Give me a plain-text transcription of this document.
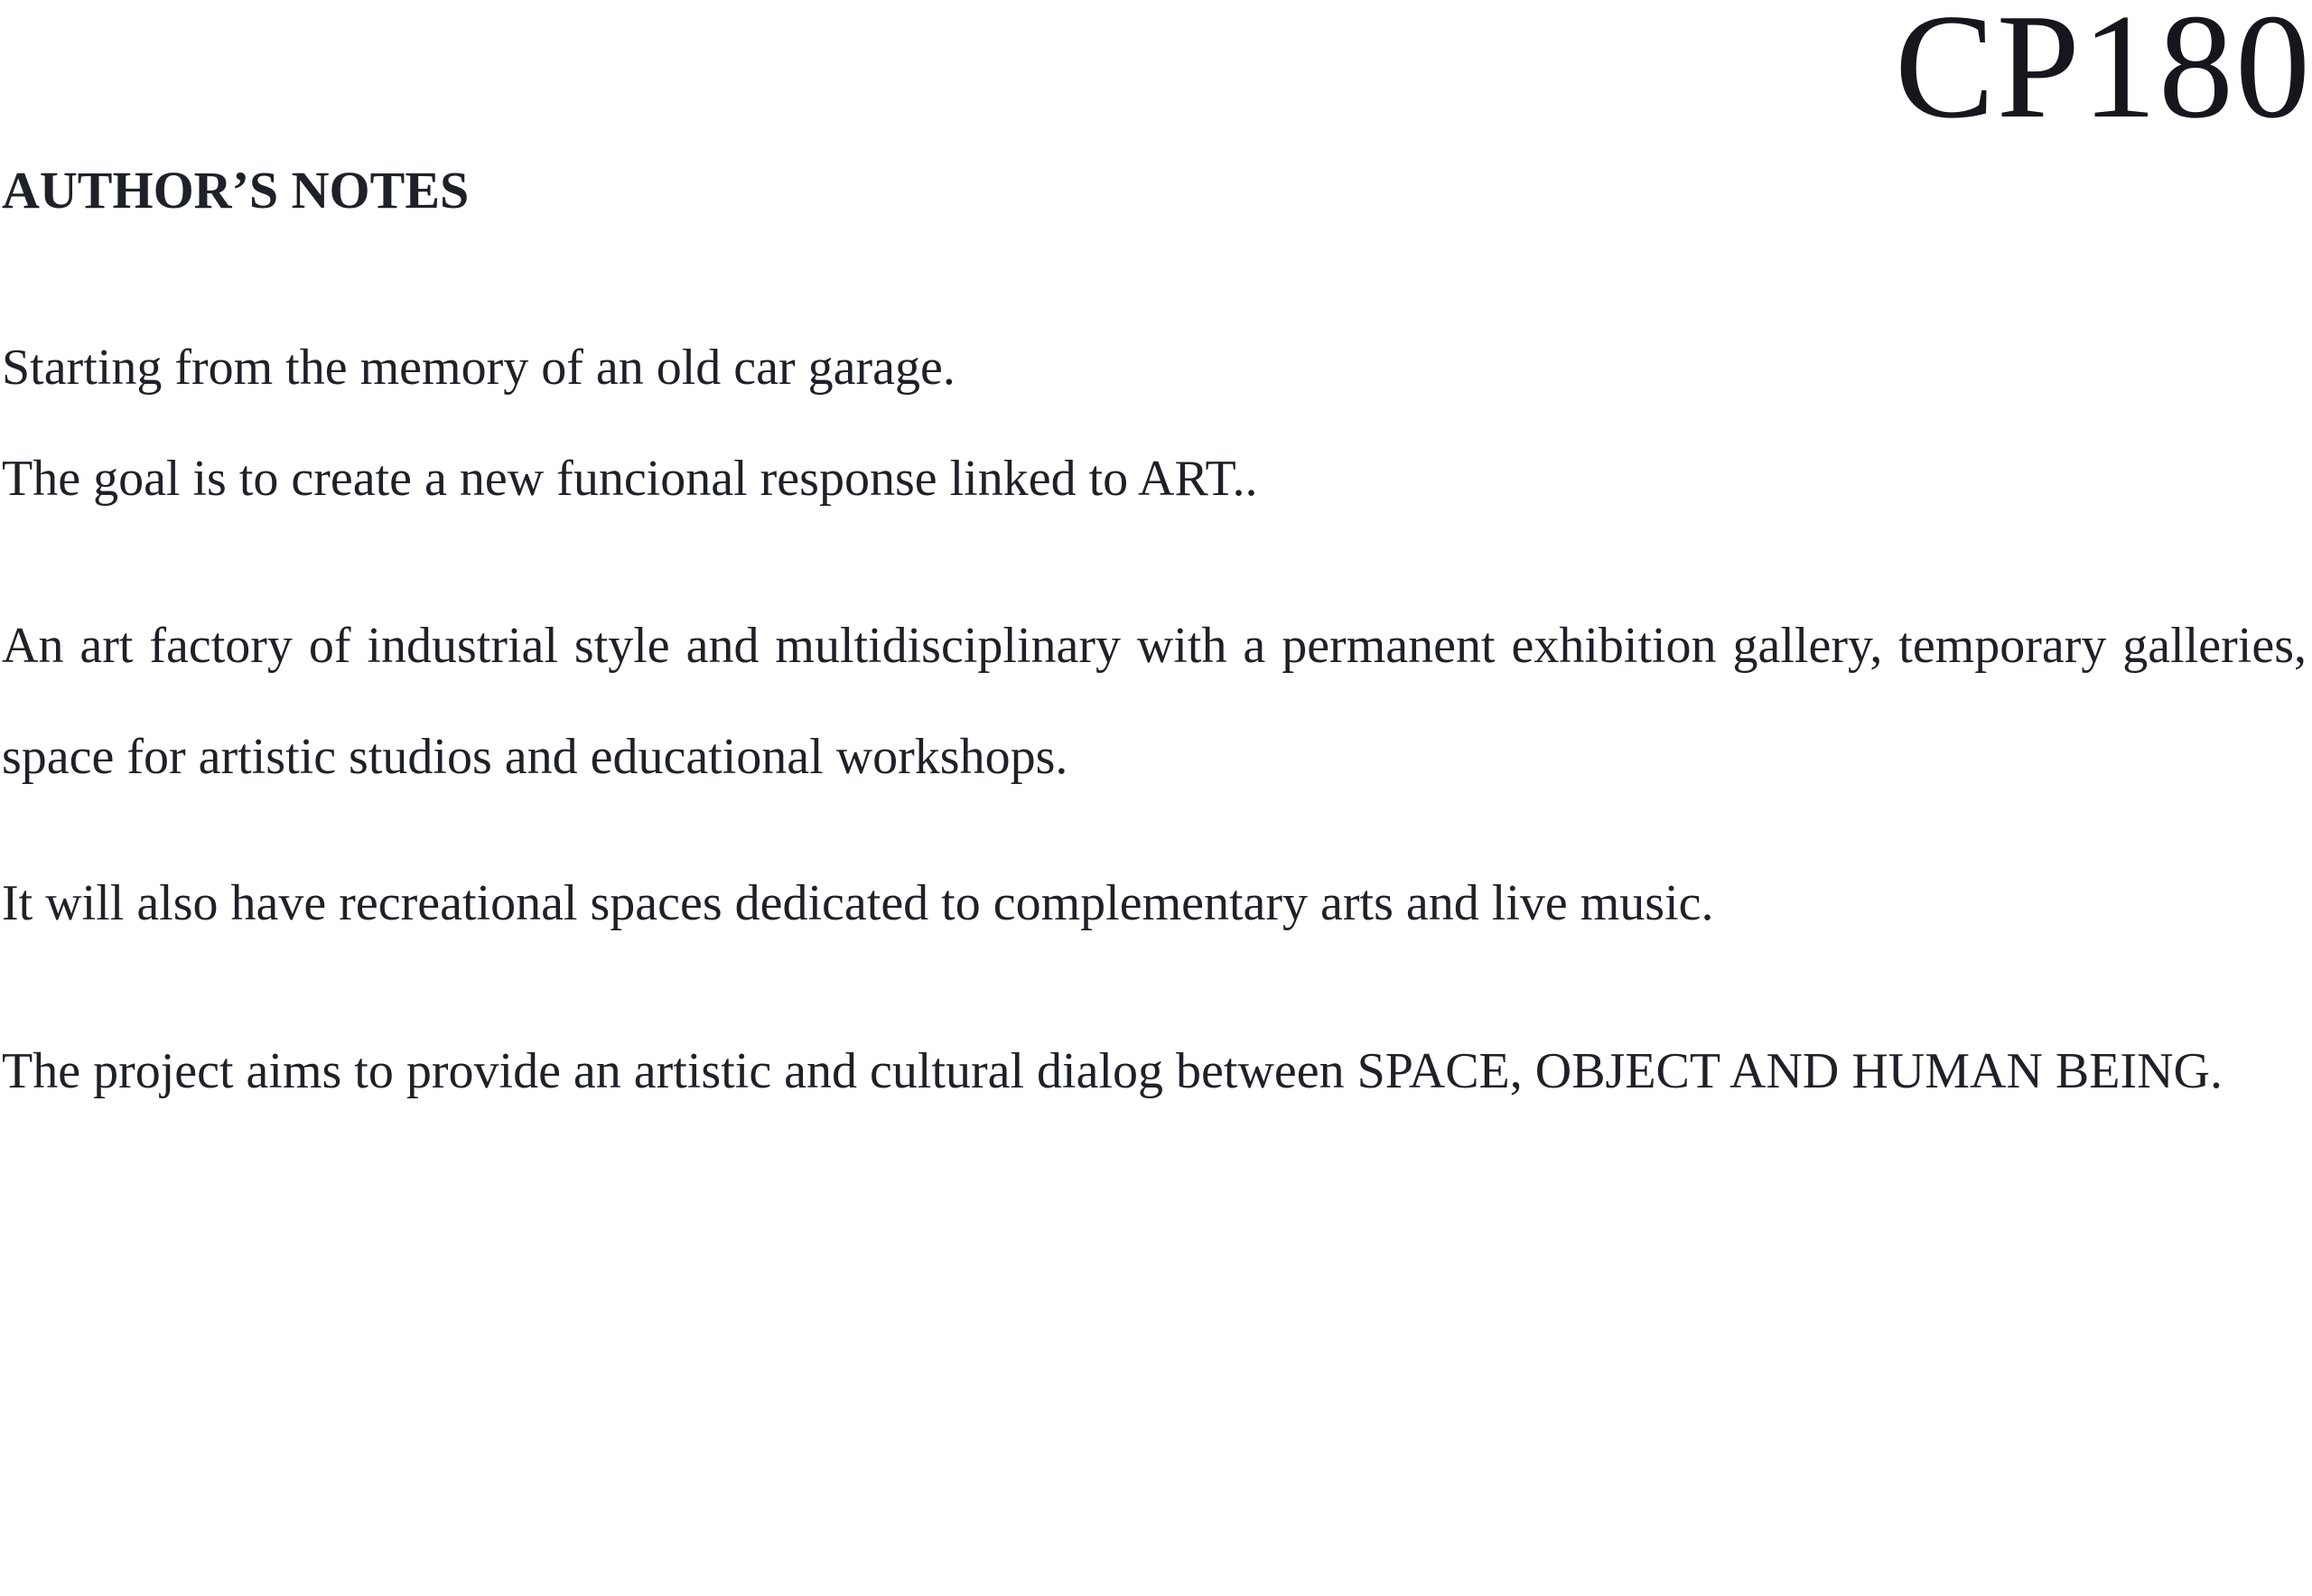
CP180
AUTHOR’S NOTES

Starting from the memory of an old car garage.

The goal is to create a new funcional response linked to ART..

An art factory of industrial style and multidisciplinary with a permanent exhibition gallery, temporary galleries, space for artistic studios and educational workshops.

It will also have recreational spaces dedicated to complementary arts and live music.

The project aims to provide an artistic and cultural dialog between SPACE, OBJECT AND HUMAN BEING.
